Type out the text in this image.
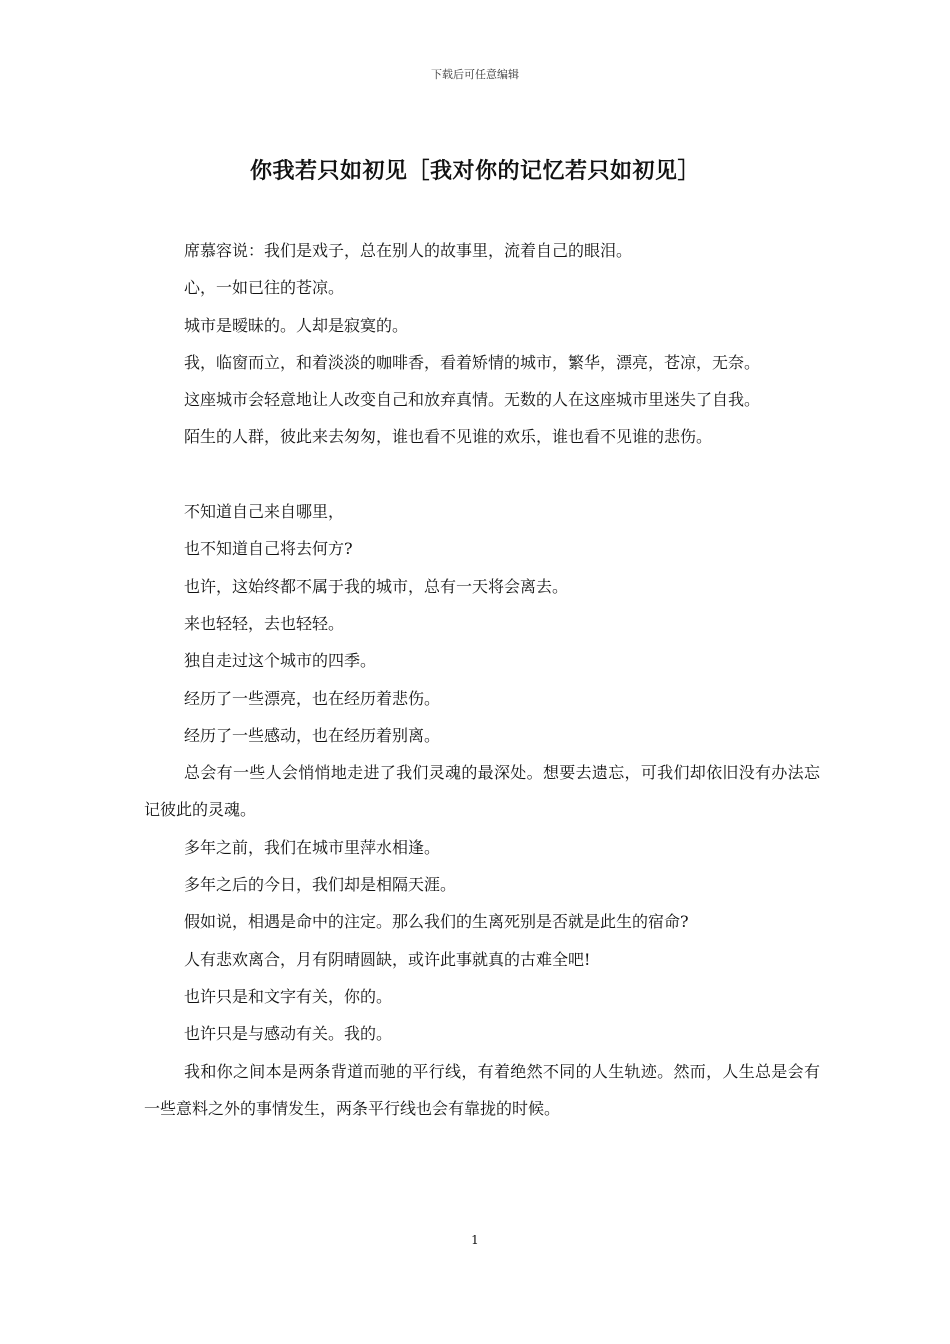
下载后可任意编辑
你我若只如初见［我对你的记忆若只如初见］

席慕容说：我们是戏子，总在别人的故事里，流着自己的眼泪。

心，一如已往的苍凉。

城市是暧昧的。人却是寂寞的。

我，临窗而立，和着淡淡的咖啡香，看着矫情的城市，繁华，漂亮，苍凉，无奈。

这座城市会轻意地让人改变自己和放弃真情。无数的人在这座城市里迷失了自我。

陌生的人群，彼此来去匆匆，谁也看不见谁的欢乐，谁也看不见谁的悲伤。

不知道自己来自哪里，

也不知道自己将去何方?

也许，这始终都不属于我的城市，总有一天将会离去。

来也轻轻，去也轻轻。

独自走过这个城市的四季。

经历了一些漂亮，也在经历着悲伤。

经历了一些感动，也在经历着别离。

总会有一些人会悄悄地走进了我们灵魂的最深处。想要去遗忘，可我们却依旧没有办法忘记彼此的灵魂。

多年之前，我们在城市里萍水相逢。

多年之后的今日，我们却是相隔天涯。

假如说，相遇是命中的注定。那么我们的生离死别是否就是此生的宿命?

人有悲欢离合，月有阴晴圆缺，或许此事就真的古难全吧!

也许只是和文字有关，你的。

也许只是与感动有关。我的。

我和你之间本是两条背道而驰的平行线，有着绝然不同的人生轨迹。然而，人生总是会有一些意料之外的事情发生，两条平行线也会有靠拢的时候。

1
